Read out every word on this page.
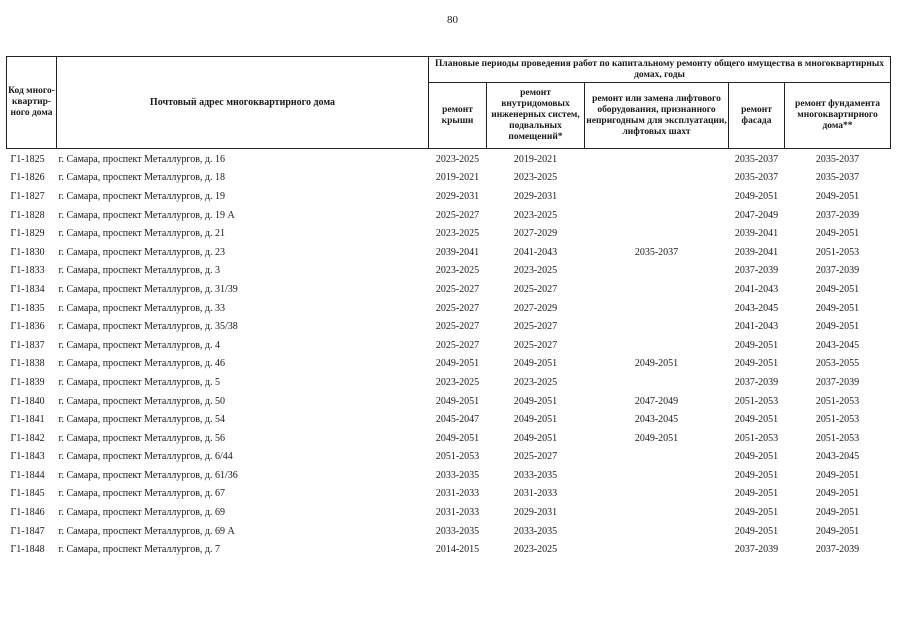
80
Код много-квартир-ного дома	Почтовый адрес многоквартирного дома	Плановые периоды проведения работ по капитальному ремонту общего имущества в многоквартирных домах, годы				
		ремонт крыши	ремонт внутридомовых инженерных систем, подвальных помещений*	ремонт или замена лифтового оборудования, признанного непригодным для эксплуатации, лифтовых шахт	ремонт фасада	ремонт фундамента многоквартирного дома**
Г1-1825	г. Самара, проспект Металлургов, д. 16	2023-2025	2019-2021		2035-2037	2035-2037
Г1-1826	г. Самара, проспект Металлургов, д. 18	2019-2021	2023-2025		2035-2037	2035-2037
Г1-1827	г. Самара, проспект Металлургов, д. 19	2029-2031	2029-2031		2049-2051	2049-2051
Г1-1828	г. Самара, проспект Металлургов, д. 19 А	2025-2027	2023-2025		2047-2049	2037-2039
Г1-1829	г. Самара, проспект Металлургов, д. 21	2023-2025	2027-2029		2039-2041	2049-2051
Г1-1830	г. Самара, проспект Металлургов, д. 23	2039-2041	2041-2043	2035-2037	2039-2041	2051-2053
Г1-1833	г. Самара, проспект Металлургов, д. 3	2023-2025	2023-2025		2037-2039	2037-2039
Г1-1834	г. Самара, проспект Металлургов, д. 31/39	2025-2027	2025-2027		2041-2043	2049-2051
Г1-1835	г. Самара, проспект Металлургов, д. 33	2025-2027	2027-2029		2043-2045	2049-2051
Г1-1836	г. Самара, проспект Металлургов, д. 35/38	2025-2027	2025-2027		2041-2043	2049-2051
Г1-1837	г. Самара, проспект Металлургов, д. 4	2025-2027	2025-2027		2049-2051	2043-2045
Г1-1838	г. Самара, проспект Металлургов, д. 46	2049-2051	2049-2051	2049-2051	2049-2051	2053-2055
Г1-1839	г. Самара, проспект Металлургов, д. 5	2023-2025	2023-2025		2037-2039	2037-2039
Г1-1840	г. Самара, проспект Металлургов, д. 50	2049-2051	2049-2051	2047-2049	2051-2053	2051-2053
Г1-1841	г. Самара, проспект Металлургов, д. 54	2045-2047	2049-2051	2043-2045	2049-2051	2051-2053
Г1-1842	г. Самара, проспект Металлургов, д. 56	2049-2051	2049-2051	2049-2051	2051-2053	2051-2053
Г1-1843	г. Самара, проспект Металлургов, д. 6/44	2051-2053	2025-2027		2049-2051	2043-2045
Г1-1844	г. Самара, проспект Металлургов, д. 61/36	2033-2035	2033-2035		2049-2051	2049-2051
Г1-1845	г. Самара, проспект Металлургов, д. 67	2031-2033	2031-2033		2049-2051	2049-2051
Г1-1846	г. Самара, проспект Металлургов, д. 69	2031-2033	2029-2031		2049-2051	2049-2051
Г1-1847	г. Самара, проспект Металлургов, д. 69 А	2033-2035	2033-2035		2049-2051	2049-2051
Г1-1848	г. Самара, проспект Металлургов, д. 7	2014-2015	2023-2025		2037-2039	2037-2039
